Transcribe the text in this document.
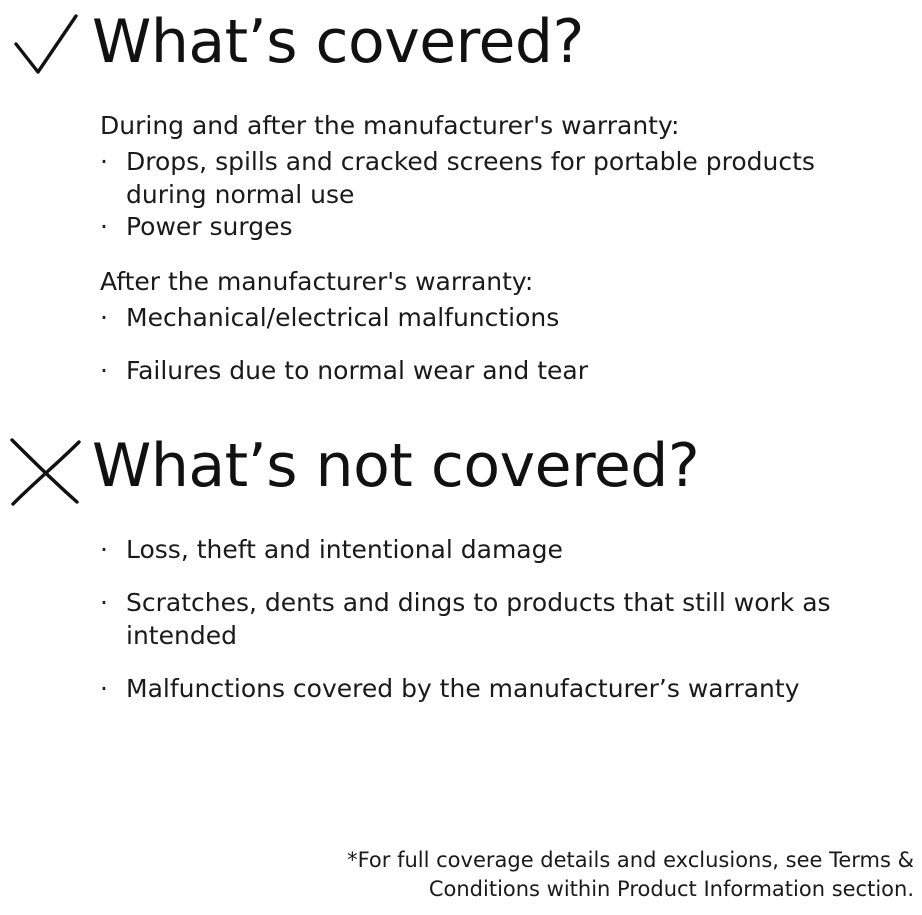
What’s covered?

During and after the manufacturer's warranty:

· Drops, spills and cracked screens for portable products during normal use
· Power surges

After the manufacturer's warranty:

· Mechanical/electrical malfunctions
· Failures due to normal wear and tear
What’s not covered?
· Loss, theft and intentional damage
· Scratches, dents and dings to products that still work as intended
· Malfunctions covered by the manufacturer’s warranty
*For full coverage details and exclusions, see Terms &
Conditions within Product Information section.
